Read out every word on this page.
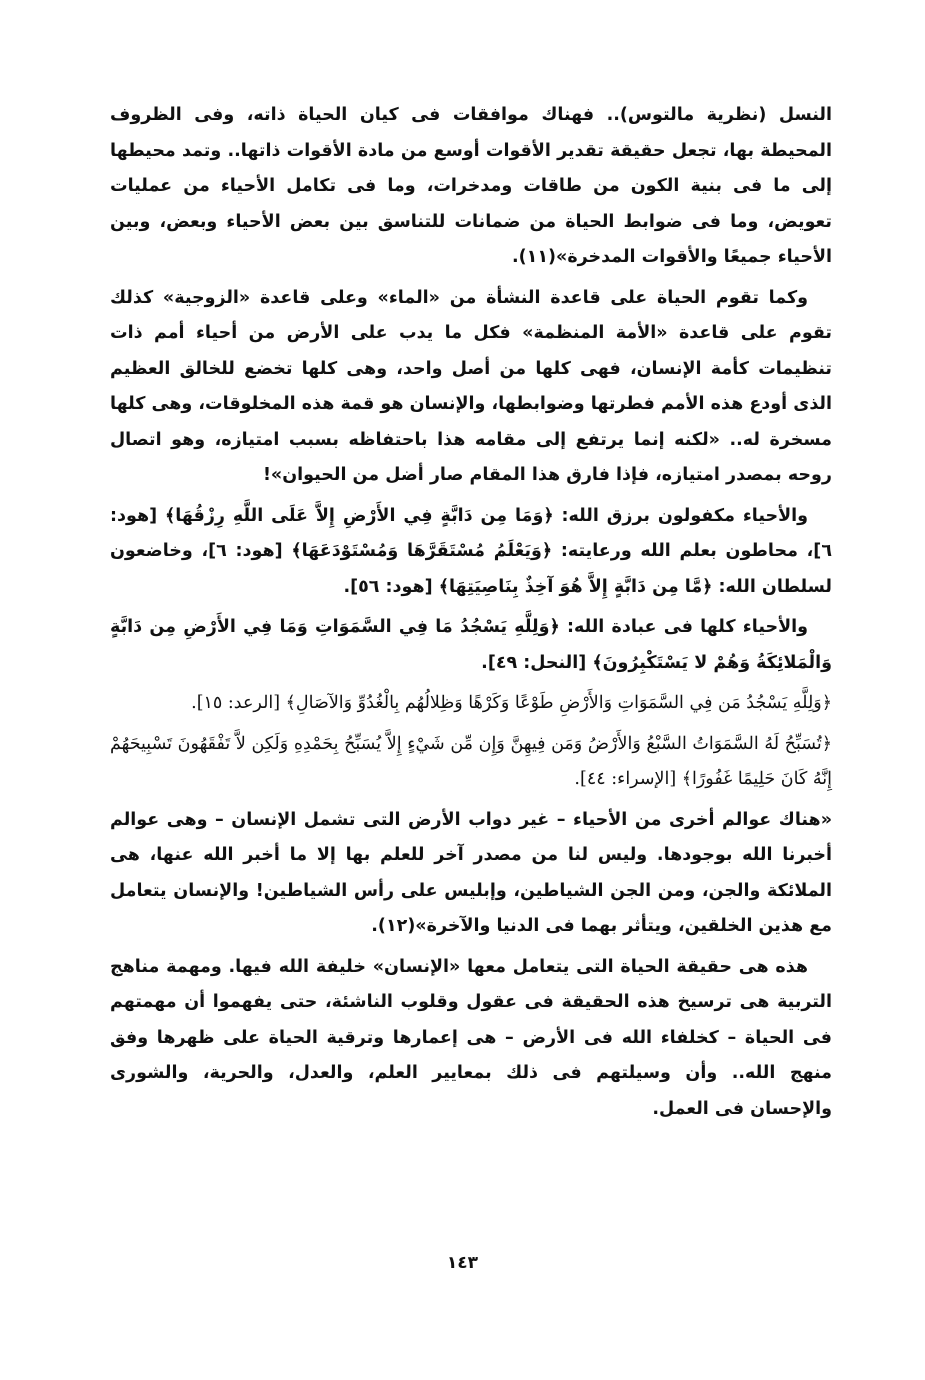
النسل (نظرية مالتوس).. فهناك موافقات فى كيان الحياة ذاته، وفى الظروف المحيطة بها، تجعل حقيقة تقدير الأقوات أوسع من مادة الأقوات ذاتها.. وتمد محيطها إلى ما فى بنية الكون من طاقات ومدخرات، وما فى تكامل الأحياء من عمليات تعويض، وما فى ضوابط الحياة من ضمانات للتناسق بين بعض الأحياء وبعض، وبين الأحياء جميعًا والأقوات المدخرة»(١١).

وكما تقوم الحياة على قاعدة النشأة من «الماء» وعلى قاعدة «الزوجية» كذلك تقوم على قاعدة «الأمة المنظمة» فكل ما يدب على الأرض من أحياء أمم ذات تنظيمات كأمة الإنسان، فهى كلها من أصل واحد، وهى كلها تخضع للخالق العظيم الذى أودع هذه الأمم فطرتها وضوابطها، والإنسان هو قمة هذه المخلوقات، وهى كلها مسخرة له.. «لكنه إنما يرتفع إلى مقامه هذا باحتفاظه بسبب امتيازه، وهو اتصال روحه بمصدر امتيازه، فإذا فارق هذا المقام صار أضل من الحيوان»!

والأحياء مكفولون برزق الله: ﴿وَمَا مِن دَابَّةٍ فِي الأَرْضِ إِلاَّ عَلَى اللَّهِ رِزْقُهَا﴾ [هود: ٦]، محاطون بعلم الله ورعايته: ﴿وَيَعْلَمُ مُسْتَقَرَّهَا وَمُسْتَوْدَعَهَا﴾ [هود: ٦]، وخاضعون لسلطان الله: ﴿مَّا مِن دَابَّةٍ إِلاَّ هُوَ آخِذٌ بِنَاصِيَتِهَا﴾ [هود: ٥٦].

والأحياء كلها فى عبادة الله: ﴿وَلِلَّهِ يَسْجُدُ مَا فِي السَّمَوَاتِ وَمَا فِي الأَرْضِ مِن دَابَّةٍ وَالْمَلائِكَةُ وَهُمْ لا يَسْتَكْبِرُونَ﴾ [النحل: ٤٩].

﴿وَلِلَّهِ يَسْجُدُ مَن فِي السَّمَوَاتِ وَالأَرْضِ طَوْعًا وَكَرْهًا وَظِلالُهُم بِالْغُدُوِّ وَالآصَالِ﴾ [الرعد: ١٥].

﴿تُسَبِّحُ لَهُ السَّمَوَاتُ السَّبْعُ وَالأَرْضُ وَمَن فِيهِنَّ وَإِن مِّن شَيْءٍ إِلاَّ يُسَبِّحُ بِحَمْدِهِ وَلَكِن لاَّ تَفْقَهُونَ تَسْبِيحَهُمْ إِنَّهُ كَانَ حَلِيمًا غَفُورًا﴾ [الإسراء: ٤٤].

«هناك عوالم أخرى من الأحياء – غير دواب الأرض التى تشمل الإنسان – وهى عوالم أخبرنا الله بوجودها. وليس لنا من مصدر آخر للعلم بها إلا ما أخبر الله عنها، هى الملائكة والجن، ومن الجن الشياطين، وإبليس على رأس الشياطين! والإنسان يتعامل مع هذين الخلقين، ويتأثر بهما فى الدنيا والآخرة»(١٢).

هذه هى حقيقة الحياة التى يتعامل معها «الإنسان» خليفة الله فيها. ومهمة مناهج التربية هى ترسيخ هذه الحقيقة فى عقول وقلوب الناشئة، حتى يفهموا أن مهمتهم فى الحياة – كخلفاء الله فى الأرض – هى إعمارها وترقية الحياة على ظهرها وفق منهج الله.. وأن وسيلتهم فى ذلك بمعايير العلم، والعدل، والحرية، والشورى والإحسان فى العمل.

١٤٣
